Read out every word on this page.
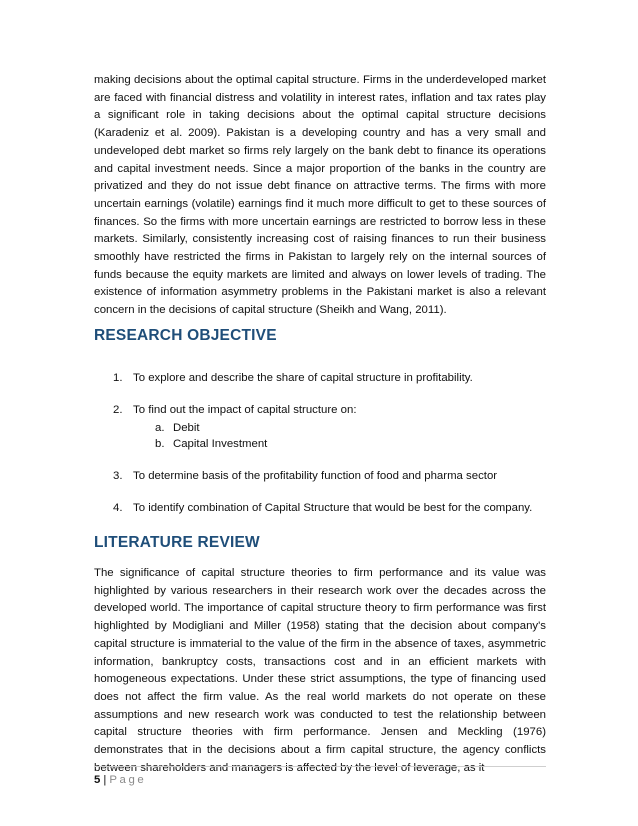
making decisions about the optimal capital structure. Firms in the underdeveloped market are faced with financial distress and volatility in interest rates, inflation and tax rates play a significant role in taking decisions about the optimal capital structure decisions (Karadeniz et al. 2009). Pakistan is a developing country and has a very small and undeveloped debt market so firms rely largely on the bank debt to finance its operations and capital investment needs. Since a major proportion of the banks in the country are privatized and they do not issue debt finance on attractive terms. The firms with more uncertain earnings (volatile) earnings find it much more difficult to get to these sources of finances. So the firms with more uncertain earnings are restricted to borrow less in these markets. Similarly, consistently increasing cost of raising finances to run their business smoothly have restricted the firms in Pakistan to largely rely on the internal sources of funds because the equity markets are limited and always on lower levels of trading. The existence of information asymmetry problems in the Pakistani market is also a relevant concern in the decisions of capital structure (Sheikh and Wang, 2011).

RESEARCH OBJECTIVE
1. To explore and describe the share of capital structure in profitability.
2. To find out the impact of capital structure on:
a. Debit
b. Capital Investment
3. To determine basis of the profitability function of food and pharma sector
4. To identify combination of Capital Structure that would be best for the company.
LITERATURE REVIEW

The significance of capital structure theories to firm performance and its value was highlighted by various researchers in their research work over the decades across the developed world. The importance of capital structure theory to firm performance was first highlighted by Modigliani and Miller (1958) stating that the decision about company's capital structure is immaterial to the value of the firm in the absence of taxes, asymmetric information, bankruptcy costs, transactions cost and in an efficient markets with homogeneous expectations. Under these strict assumptions, the type of financing used does not affect the firm value. As the real world markets do not operate on these assumptions and new research work was conducted to test the relationship between capital structure theories with firm performance. Jensen and Meckling (1976) demonstrates that in the decisions about a firm capital structure, the agency conflicts between shareholders and managers is affected by the level of leverage, as it

5 | Page
